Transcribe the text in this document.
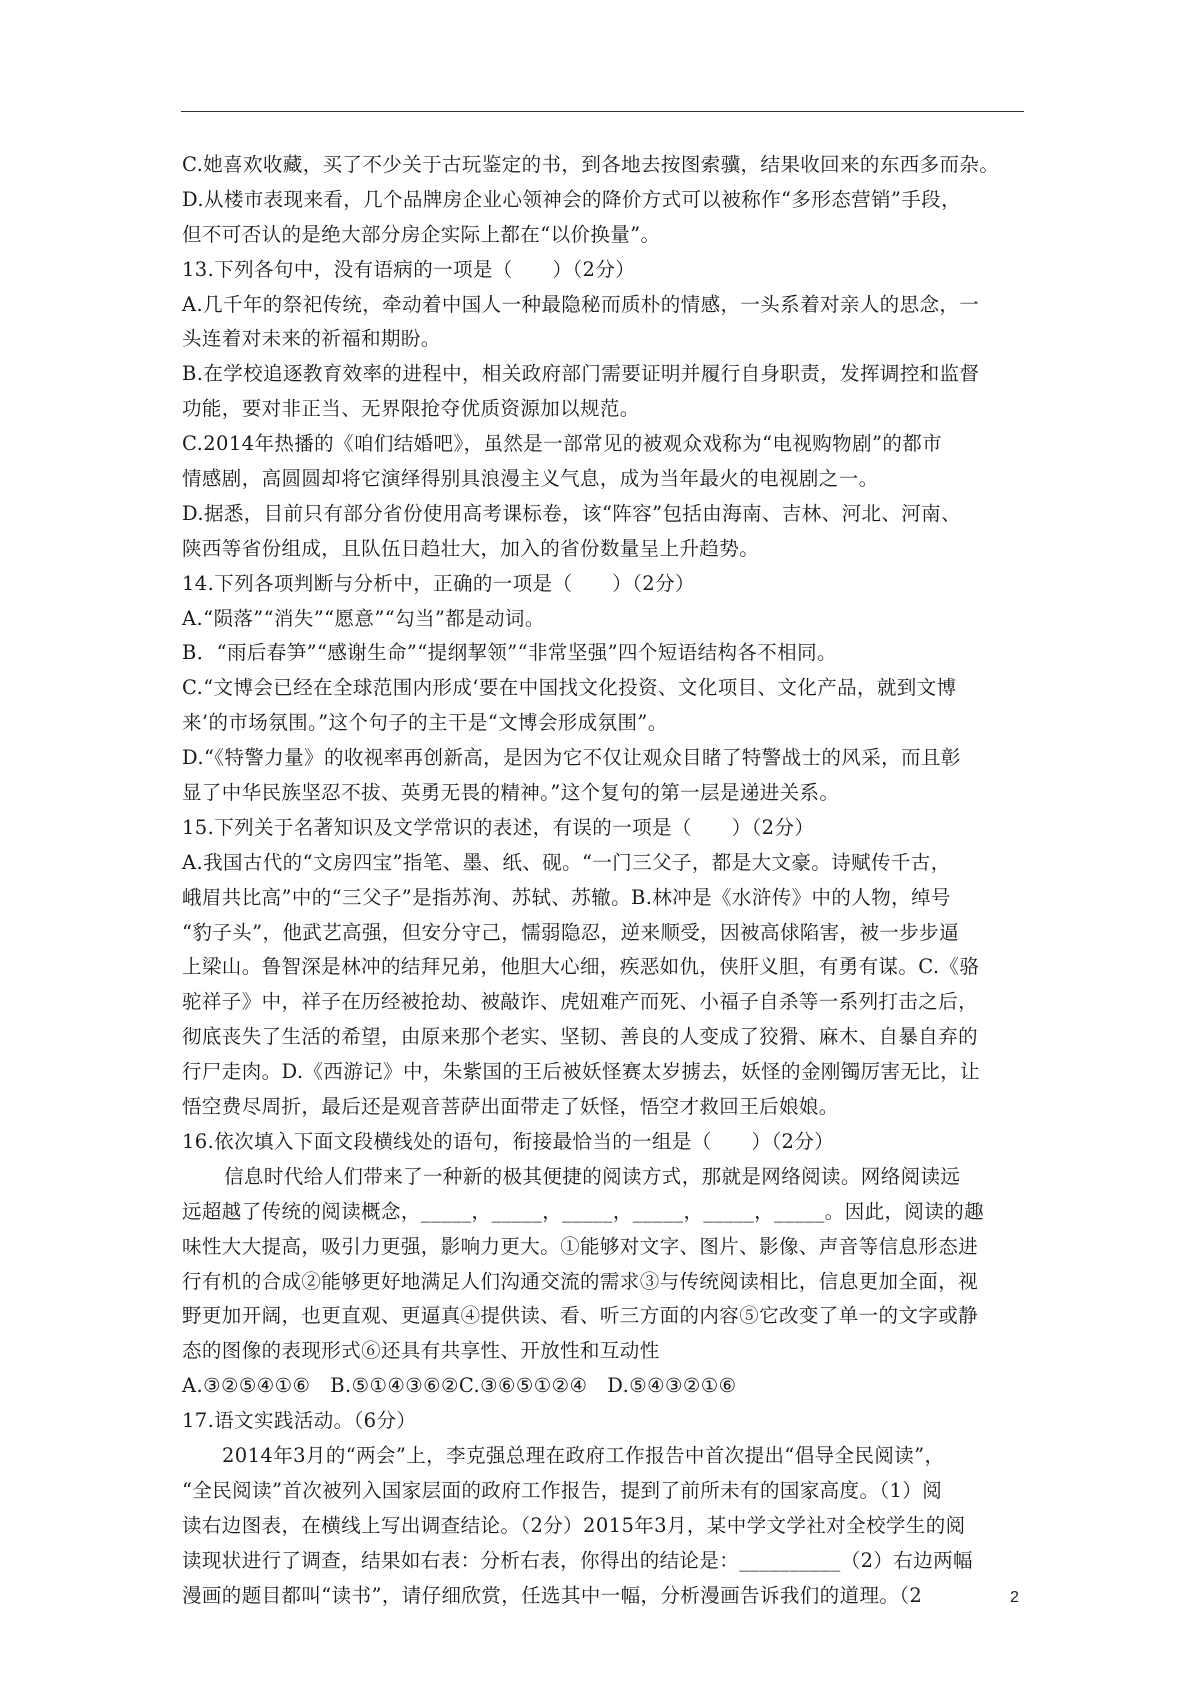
C.她喜欢收藏，买了不少关于古玩鉴定的书，到各地去按图索骥，结果收回来的东西多而杂。
D.从楼市表现来看，几个品牌房企业心领神会的降价方式可以被称作“多形态营销”手段，
但不可否认的是绝大部分房企实际上都在“以价换量”。
13.下列各句中，没有语病的一项是（　　）（2分）
A.几千年的祭祀传统，牵动着中国人一种最隐秘而质朴的情感，一头系着对亲人的思念，一
头连着对未来的祈福和期盼。
B.在学校追逐教育效率的进程中，相关政府部门需要证明并履行自身职责，发挥调控和监督
功能，要对非正当、无界限抢夺优质资源加以规范。
C.2014年热播的《咱们结婚吧》，虽然是一部常见的被观众戏称为“电视购物剧”的都市
情感剧，高圆圆却将它演绎得别具浪漫主义气息，成为当年最火的电视剧之一。
D.据悉，目前只有部分省份使用高考课标卷，该“阵容”包括由海南、吉林、河北、河南、
陕西等省份组成，且队伍日趋壮大，加入的省份数量呈上升趋势。
14.下列各项判断与分析中，正确的一项是（　　）（2分）
A.“陨落”“消失”“愿意”“勾当”都是动词。
B．“雨后春笋”“感谢生命”“提纲挈领”“非常坚强”四个短语结构各不相同。
C.“文博会已经在全球范围内形成‘要在中国找文化投资、文化项目、文化产品，就到文博
来’的市场氛围。”这个句子的主干是“文博会形成氛围”。
D.“《特警力量》的收视率再创新高，是因为它不仅让观众目睹了特警战士的风采，而且彰
显了中华民族坚忍不拔、英勇无畏的精神。”这个复句的第一层是递进关系。
15.下列关于名著知识及文学常识的表述，有误的一项是（　　）（2分）
A.我国古代的“文房四宝”指笔、墨、纸、砚。“一门三父子，都是大文豪。诗赋传千古，
峨眉共比高”中的“三父子”是指苏洵、苏轼、苏辙。B.林冲是《水浒传》中的人物，绰号
“豹子头”，他武艺高强，但安分守己，懦弱隐忍，逆来顺受，因被高俅陷害，被一步步逼
上梁山。鲁智深是林冲的结拜兄弟，他胆大心细，疾恶如仇，侠肝义胆，有勇有谋。C.《骆
驼祥子》中，祥子在历经被抢劫、被敲诈、虎妞难产而死、小福子自杀等一系列打击之后，
彻底丧失了生活的希望，由原来那个老实、坚韧、善良的人变成了狡猾、麻木、自暴自弃的
行尸走肉。D.《西游记》中，朱紫国的王后被妖怪赛太岁掳去，妖怪的金刚镯厉害无比，让
悟空费尽周折，最后还是观音菩萨出面带走了妖怪，悟空才救回王后娘娘。
16.依次填入下面文段横线处的语句，衔接最恰当的一组是（　　）（2分）
信息时代给人们带来了一种新的极其便捷的阅读方式，那就是网络阅读。网络阅读远
远超越了传统的阅读概念，_____，_____，_____，_____，_____，_____。因此，阅读的趣
味性大大提高，吸引力更强，影响力更大。①能够对文字、图片、影像、声音等信息形态进
行有机的合成②能够更好地满足人们沟通交流的需求③与传统阅读相比，信息更加全面，视
野更加开阔，也更直观、更逼真④提供读、看、听三方面的内容⑤它改变了单一的文字或静
态的图像的表现形式⑥还具有共享性、开放性和互动性
A.③②⑤④①⑥　B.⑤①④③⑥②C.③⑥⑤①②④　D.⑤④③②①⑥
17.语文实践活动。（6分）
2014年3月的“两会”上，李克强总理在政府工作报告中首次提出“倡导全民阅读”，
“全民阅读”首次被列入国家层面的政府工作报告，提到了前所未有的国家高度。（1）阅
读右边图表，在横线上写出调查结论。（2分）2015年3月，某中学文学社对全校学生的阅
读现状进行了调查，结果如右表：分析右表，你得出的结论是：__________（2）右边两幅
漫画的题目都叫“读书”，请仔细欣赏，任选其中一幅，分析漫画告诉我们的道理。（2	2
